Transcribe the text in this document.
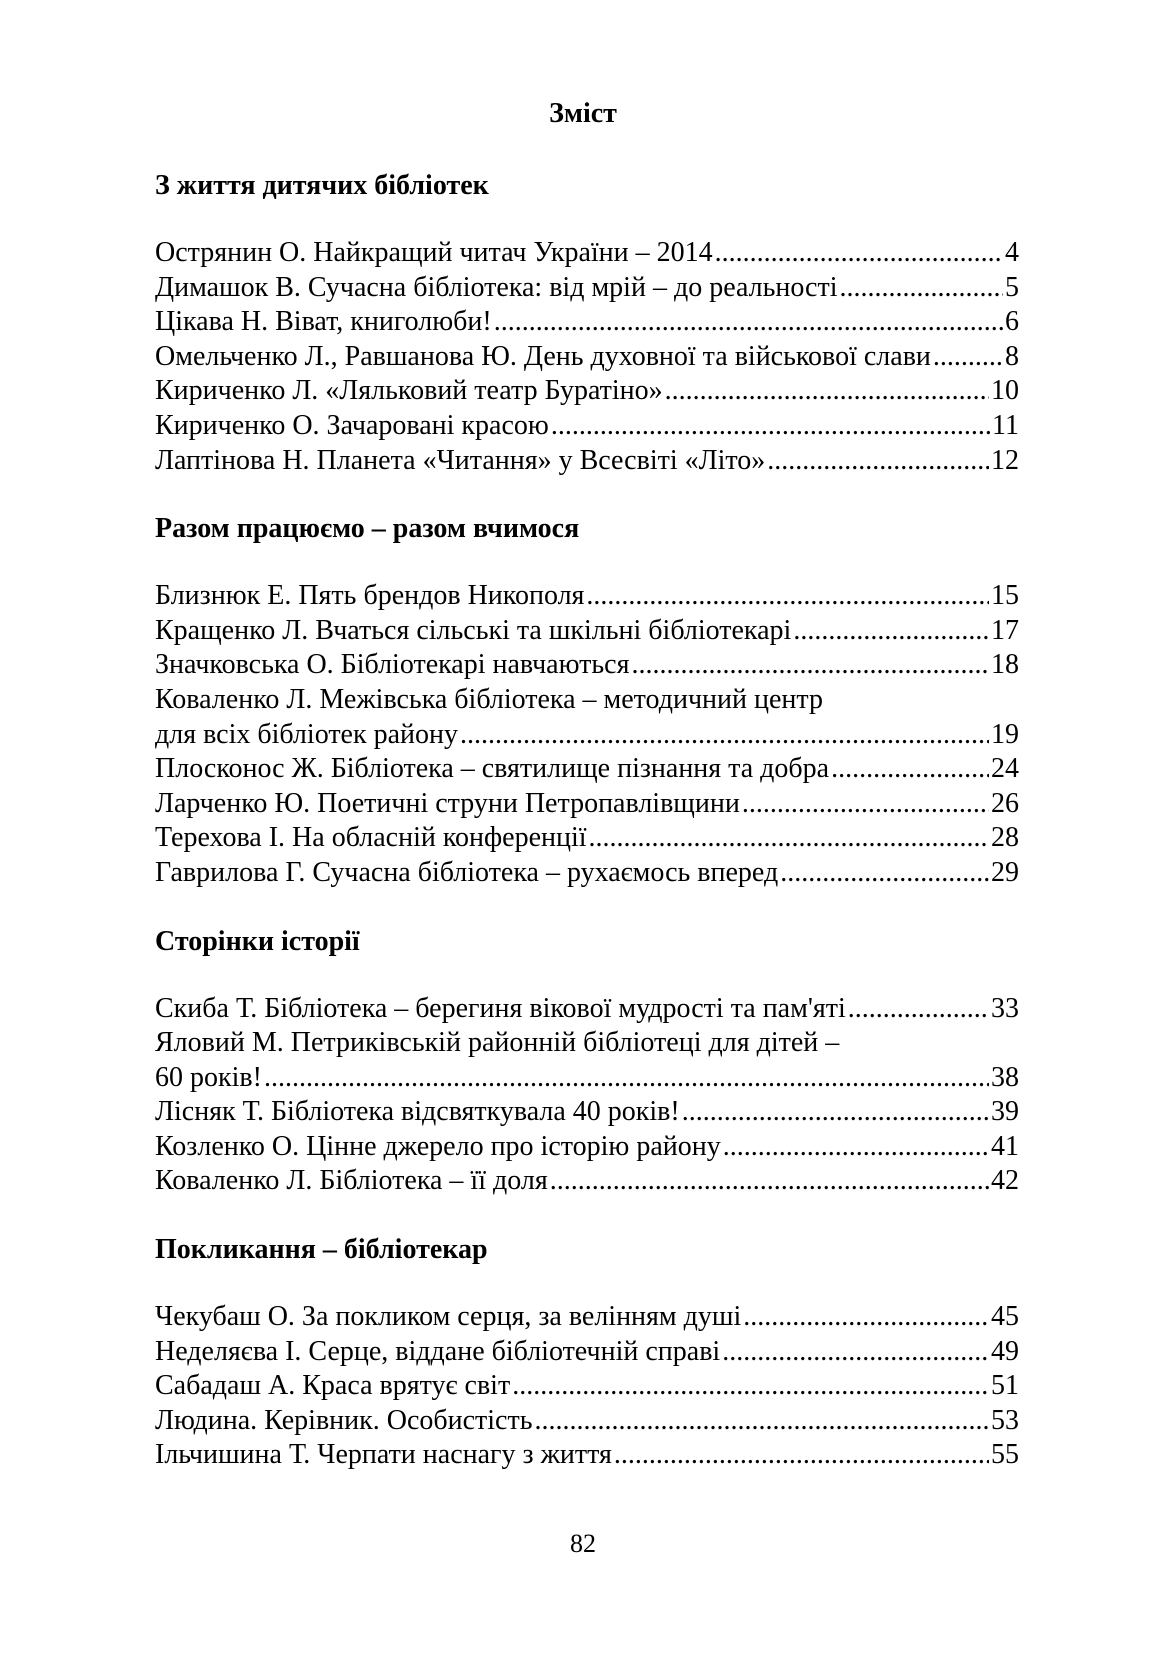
Зміст
З життя дитячих бібліотек
Острянин О. Найкращий читач України – 2014 .....	4
Димашок В. Сучасна бібліотека: від мрій – до реальності .....	5
Цікава Н. Віват, книголюби! .....	6
Омельченко Л., Равшанова Ю. День духовної та військової слави .....	8
Кириченко Л. «Ляльковий театр Буратіно» .....	10
Кириченко О. Зачаровані красою .....	11
Лаптінова Н. Планета «Читання» у Всесвіті «Літо» .....	12
Разом працюємо – разом вчимося
Близнюк Е. Пять брендов Никополя .....	15
Кращенко Л. Вчаться сільські та шкільні бібліотекарі .....	17
Значковська О. Бібліотекарі навчаються .....	18
Коваленко Л. Межівська бібліотека – методичний центр
для всіх бібліотек району .....	19
Плосконос Ж. Бібліотека – святилище пізнання та добра .....	24
Ларченко Ю. Поетичні струни Петропавлівщини .....	26
Терехова І. На обласній конференції .....	28
Гаврилова Г. Сучасна бібліотека – рухаємось вперед .....	29
Сторінки історії
Скиба Т. Бібліотека – берегиня вікової мудрості та пам'яті .....	33
Яловий М. Петриківській районній бібліотеці для дітей –
60 років! .....	38
Лісняк Т. Бібліотека відсвяткувала 40 років! .....	39
Козленко О. Цінне джерело про історію району .....	41
Коваленко Л. Бібліотека – її доля .....	42
Покликання – бібліотекар
Чекубаш О. За покликом серця, за велінням душі .....	45
Неделяєва І. Серце, віддане бібліотечній справі .....	49
Сабадаш А. Краса врятує світ .....	51
Людина. Керівник. Особистість .....	53
Ільчишина Т. Черпати наснагу з життя .....	55
82
